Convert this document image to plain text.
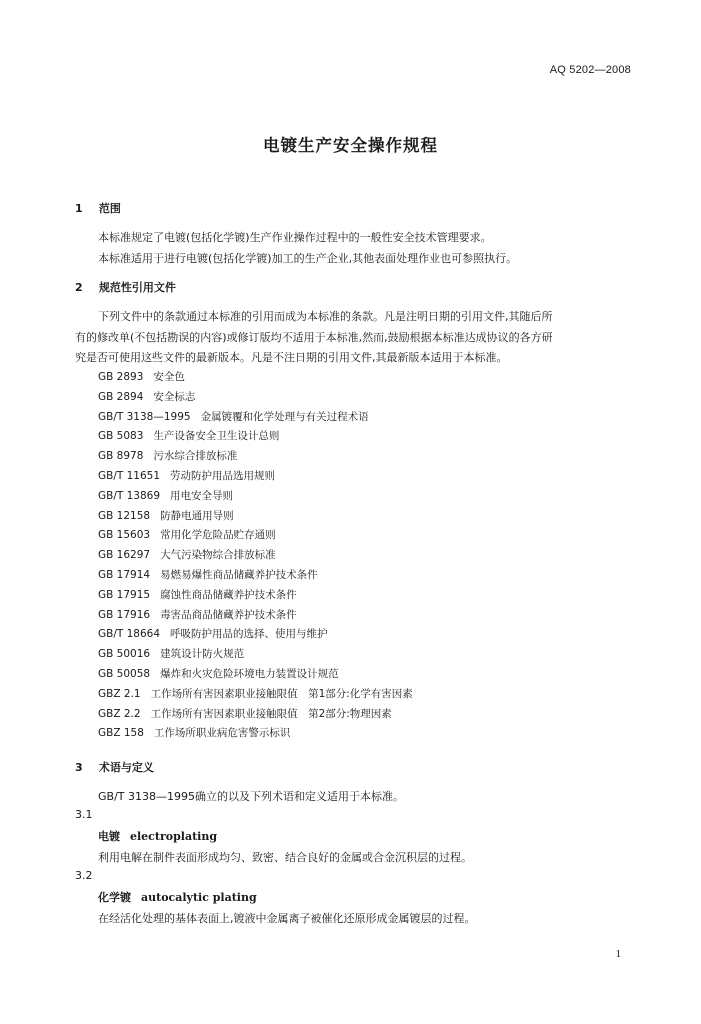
AQ 5202—2008
电镀生产安全操作规程
1 范围
本标准规定了电镀(包括化学镀)生产作业操作过程中的一般性安全技术管理要求。
本标准适用于进行电镀(包括化学镀)加工的生产企业,其他表面处理作业也可参照执行。
2 规范性引用文件
下列文件中的条款通过本标准的引用而成为本标准的条款。凡是注明日期的引用文件,其随后所
有的修改单(不包括勘误的内容)或修订版均不适用于本标准,然而,鼓励根据本标准达成协议的各方研
究是否可使用这些文件的最新版本。凡是不注日期的引用文件,其最新版本适用于本标准。
GB 2893 安全色
GB 2894 安全标志
GB/T 3138—1995 金属镀覆和化学处理与有关过程术语
GB 5083 生产设备安全卫生设计总则
GB 8978 污水综合排放标准
GB/T 11651 劳动防护用品选用规则
GB/T 13869 用电安全导则
GB 12158 防静电通用导则
GB 15603 常用化学危险品贮存通则
GB 16297 大气污染物综合排放标准
GB 17914 易燃易爆性商品储藏养护技术条件
GB 17915 腐蚀性商品储藏养护技术条件
GB 17916 毒害品商品储藏养护技术条件
GB/T 18664 呼吸防护用品的选择、使用与维护
GB 50016 建筑设计防火规范
GB 50058 爆炸和火灾危险环境电力装置设计规范
GBZ 2.1 工作场所有害因素职业接触限值　第1部分:化学有害因素
GBZ 2.2 工作场所有害因素职业接触限值　第2部分:物理因素
GBZ 158 工作场所职业病危害警示标识
3 术语与定义
GB/T 3138—1995确立的以及下列术语和定义适用于本标准。
3.1
电镀 electroplating
利用电解在制件表面形成均匀、致密、结合良好的金属或合金沉积层的过程。
3.2
化学镀 autocalytic plating
在经活化处理的基体表面上,镀液中金属离子被催化还原形成金属镀层的过程。
1
